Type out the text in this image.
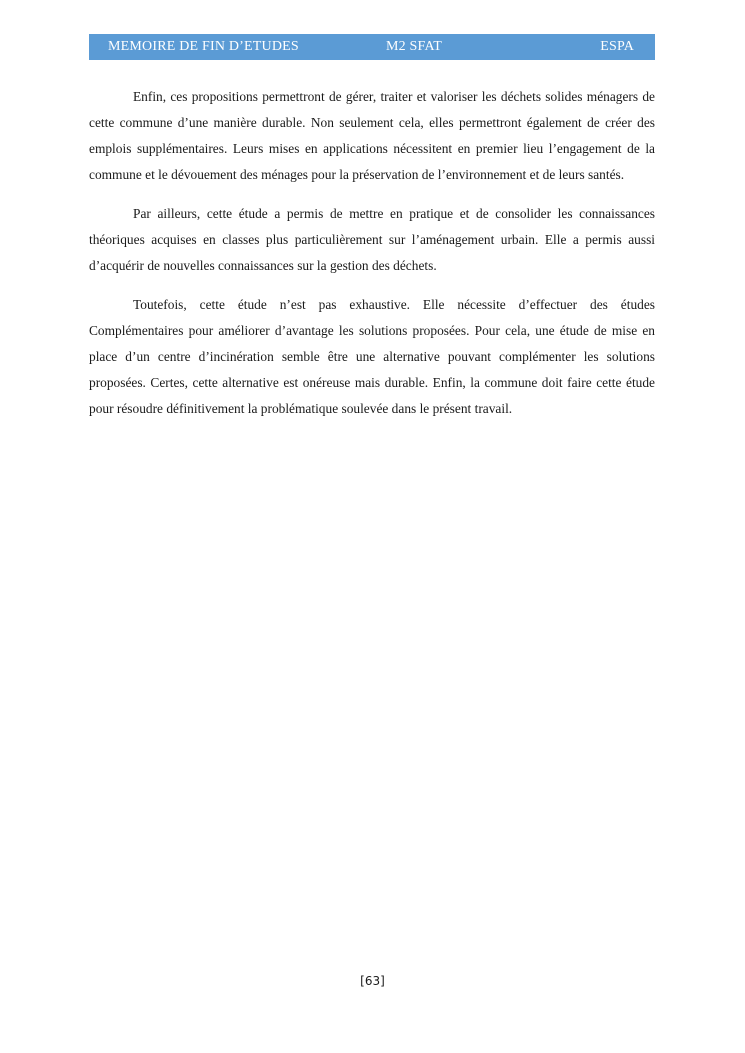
MEMOIRE DE FIN D’ETUDES	M2 SFAT	ESPA

Enfin, ces propositions permettront de gérer, traiter et valoriser les déchets solides ménagers de cette commune d’une manière durable. Non seulement cela, elles permettront également de créer des emplois supplémentaires. Leurs mises en applications nécessitent en premier lieu l’engagement de la commune et le dévouement des ménages pour la préservation de l’environnement et de leurs santés.

Par ailleurs, cette étude a permis de mettre en pratique et de consolider les connaissances théoriques acquises en classes plus particulièrement sur l’aménagement urbain. Elle a permis aussi d’acquérir de nouvelles connaissances sur la gestion des déchets.

Toutefois, cette étude n’est pas exhaustive. Elle nécessite d’effectuer des études Complémentaires pour améliorer d’avantage les solutions proposées. Pour cela, une étude de mise en place d’un centre d’incinération semble être une alternative pouvant complémenter les solutions proposées. Certes, cette alternative est onéreuse mais durable. Enfin, la commune doit faire cette étude pour résoudre définitivement la problématique soulevée dans le présent travail.

[63]
